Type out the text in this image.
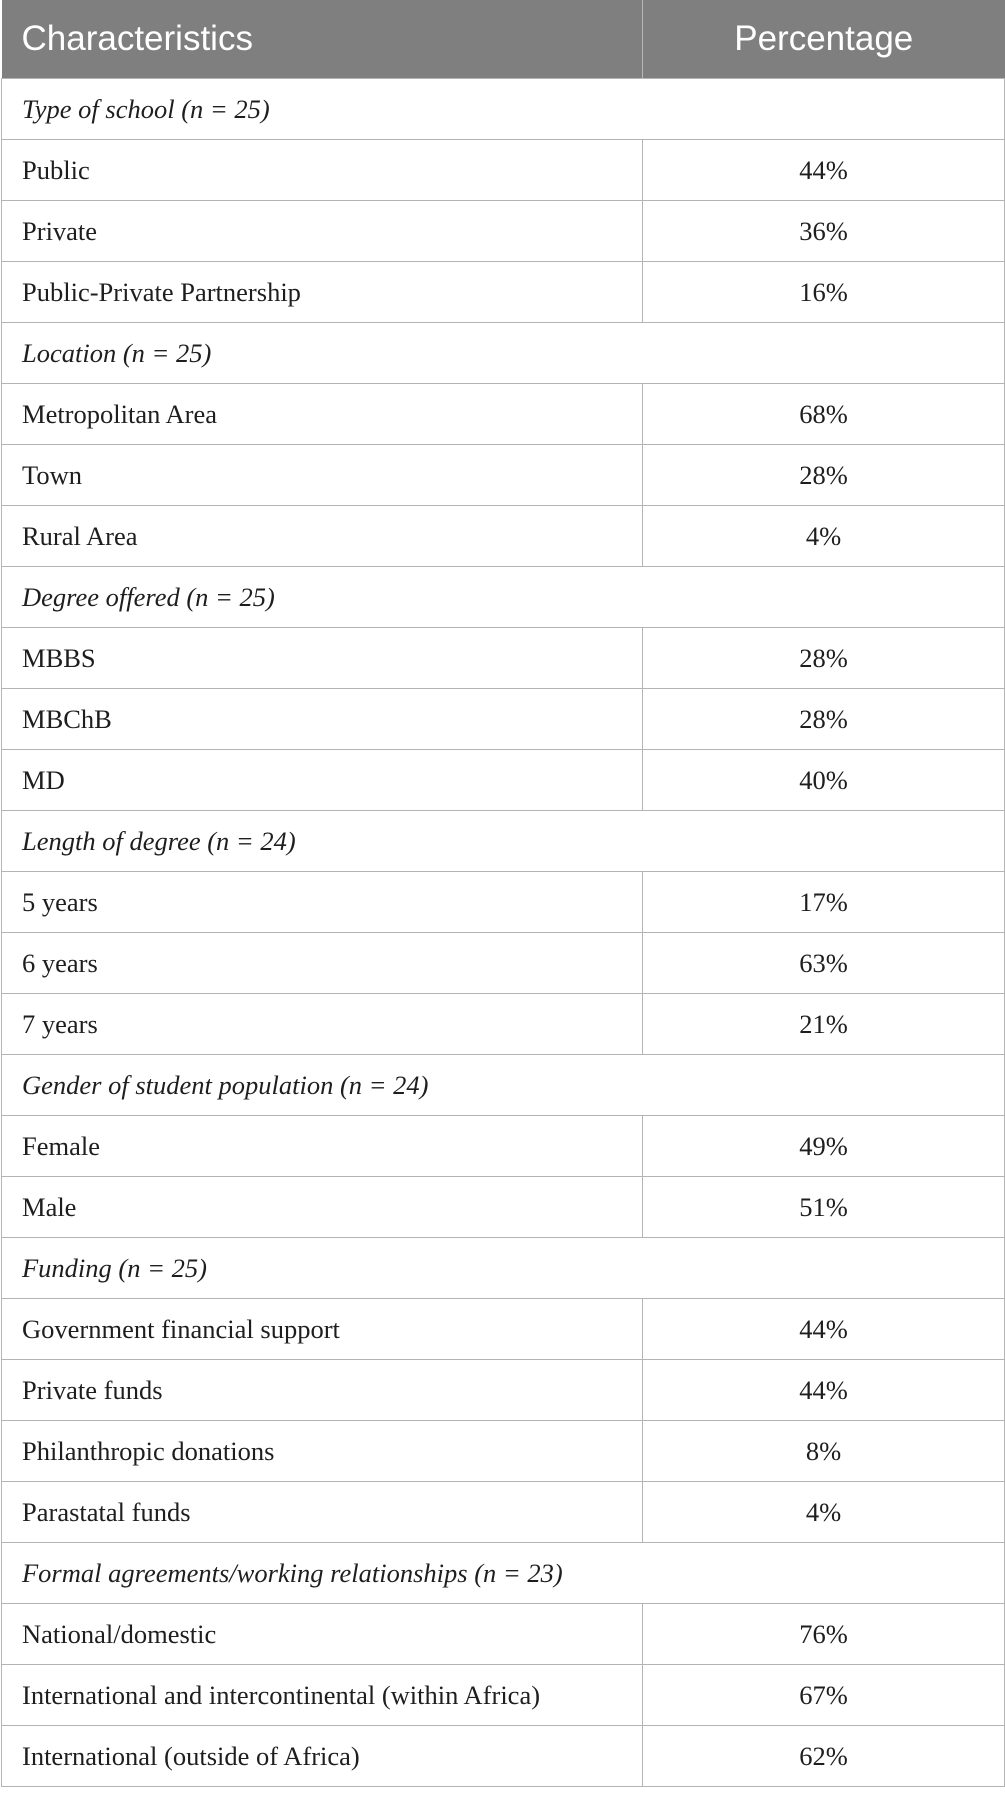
Characteristics	Percentage
Type of school (n = 25)	
Public	44%
Private	36%
Public-Private Partnership	16%
Location (n = 25)	
Metropolitan Area	68%
Town	28%
Rural Area	4%
Degree offered (n = 25)	
MBBS	28%
MBChB	28%
MD	40%
Length of degree (n = 24)	
5 years	17%
6 years	63%
7 years	21%
Gender of student population (n = 24)	
Female	49%
Male	51%
Funding (n = 25)	
Government financial support	44%
Private funds	44%
Philanthropic donations	8%
Parastatal funds	4%
Formal agreements/working relationships (n = 23)	
National/domestic	76%
International and intercontinental (within Africa)	67%
International (outside of Africa)	62%
